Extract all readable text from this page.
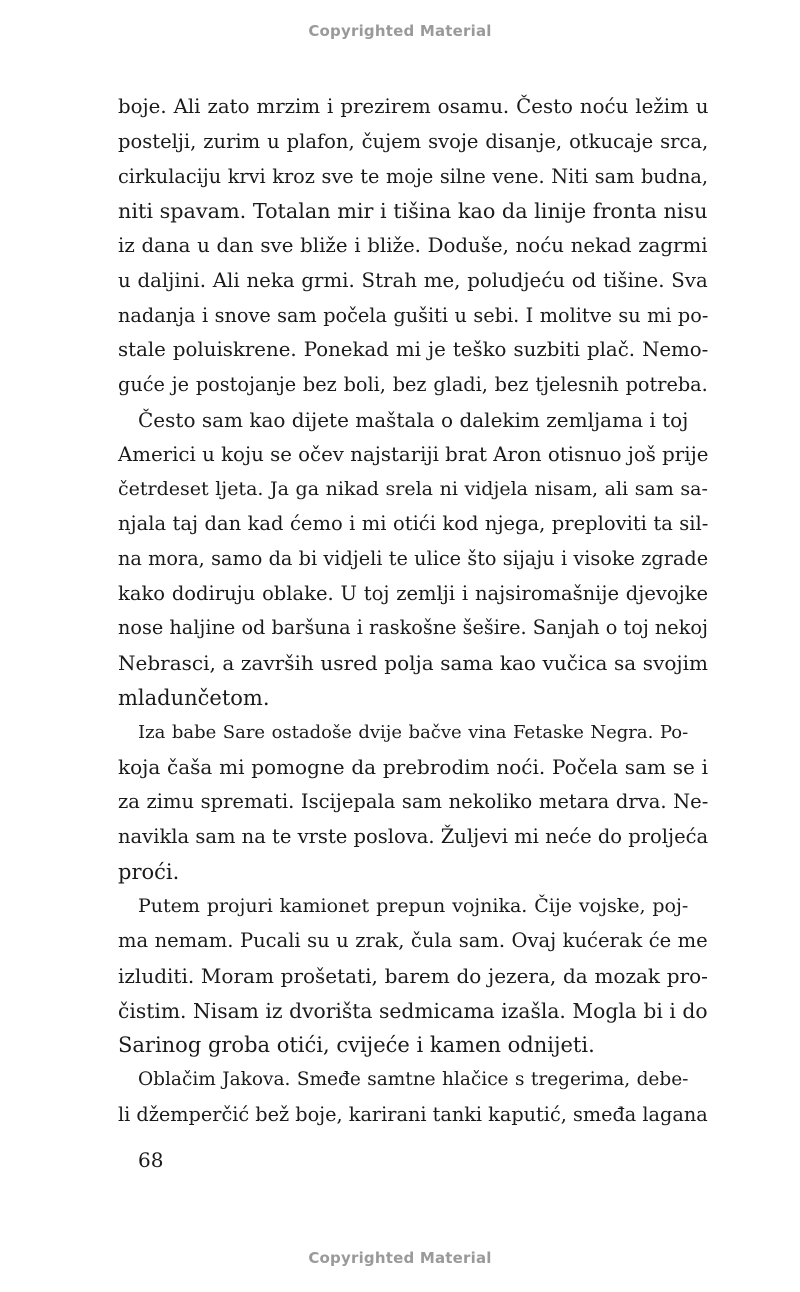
Copyrighted Material
boje. Ali zato mrzim i prezirem osamu. Često noću ležim u
postelji, zurim u plafon, čujem svoje disanje, otkucaje srca,
cirkulaciju krvi kroz sve te moje silne vene. Niti sam budna,
niti spavam. Totalan mir i tišina kao da linije fronta nisu
iz dana u dan sve bliže i bliže. Doduše, noću nekad zagrmi
u daljini. Ali neka grmi. Strah me, poludjeću od tišine. Sva
nadanja i snove sam počela gušiti u sebi. I molitve su mi po-
stale poluiskrene. Ponekad mi je teško suzbiti plač. Nemo-
guće je postojanje bez boli, bez gladi, bez tjelesnih potreba.
Često sam kao dijete maštala o dalekim zemljama i toj
Americi u koju se očev najstariji brat Aron otisnuo još prije
četrdeset ljeta. Ja ga nikad srela ni vidjela nisam, ali sam sa-
njala taj dan kad ćemo i mi otići kod njega, preploviti ta sil-
na mora, samo da bi vidjeli te ulice što sijaju i visoke zgrade
kako dodiruju oblake. U toj zemlji i najsiromašnije djevojke
nose haljine od baršuna i raskošne šešire. Sanjah o toj nekoj
Nebrasci, a završih usred polja sama kao vučica sa svojim
mladunčetom.
Iza babe Sare ostadoše dvije bačve vina Fetaske Negra. Po-
koja čaša mi pomogne da prebrodim noći. Počela sam se i
za zimu spremati. Iscijepala sam nekoliko metara drva. Ne-
navikla sam na te vrste poslova. Žuljevi mi neće do proljeća
proći.
Putem projuri kamionet prepun vojnika. Čije vojske, poj-
ma nemam. Pucali su u zrak, čula sam. Ovaj kućerak će me
izluditi. Moram prošetati, barem do jezera, da mozak pro-
čistim. Nisam iz dvorišta sedmicama izašla. Mogla bi i do
Sarinog groba otići, cvijeće i kamen odnijeti.
Oblačim Jakova. Smeđe samtne hlačice s tregerima, debe-
li džemperčić bež boje, karirani tanki kaputić, smeđa lagana
68
Copyrighted Material
